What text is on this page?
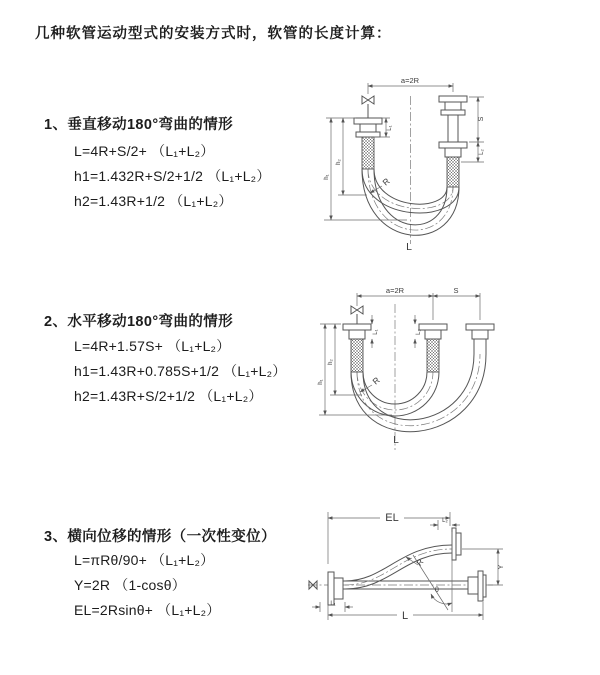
几种软管运动型式的安装方式时，软管的长度计算：
1、垂直移动180°弯曲的情形
L=4R+S/2+ （L₁+L₂）
h1=1.432R+S/2+1/2 （L₁+L₂）
h2=1.43R+1/2 （L₁+L₂）
2、水平移动180°弯曲的情形
L=4R+1.57S+ （L₁+L₂）
h1=1.43R+0.785S+1/2 （L₁+L₂）
h2=1.43R+S/2+1/2 （L₁+L₂）
3、横向位移的情形（一次性变位）
L=πRθ/90+ （L₁+L₂）
Y=2R （1-cosθ）
EL=2Rsinθ+ （L₁+L₂）
a=2R
L₁
S
L₂
h₂
h₁	R
L
a=2R	S
L₁	L₂
h₂
h₁	R
L
EL	L₂
Y
θ
R
L₁
L
